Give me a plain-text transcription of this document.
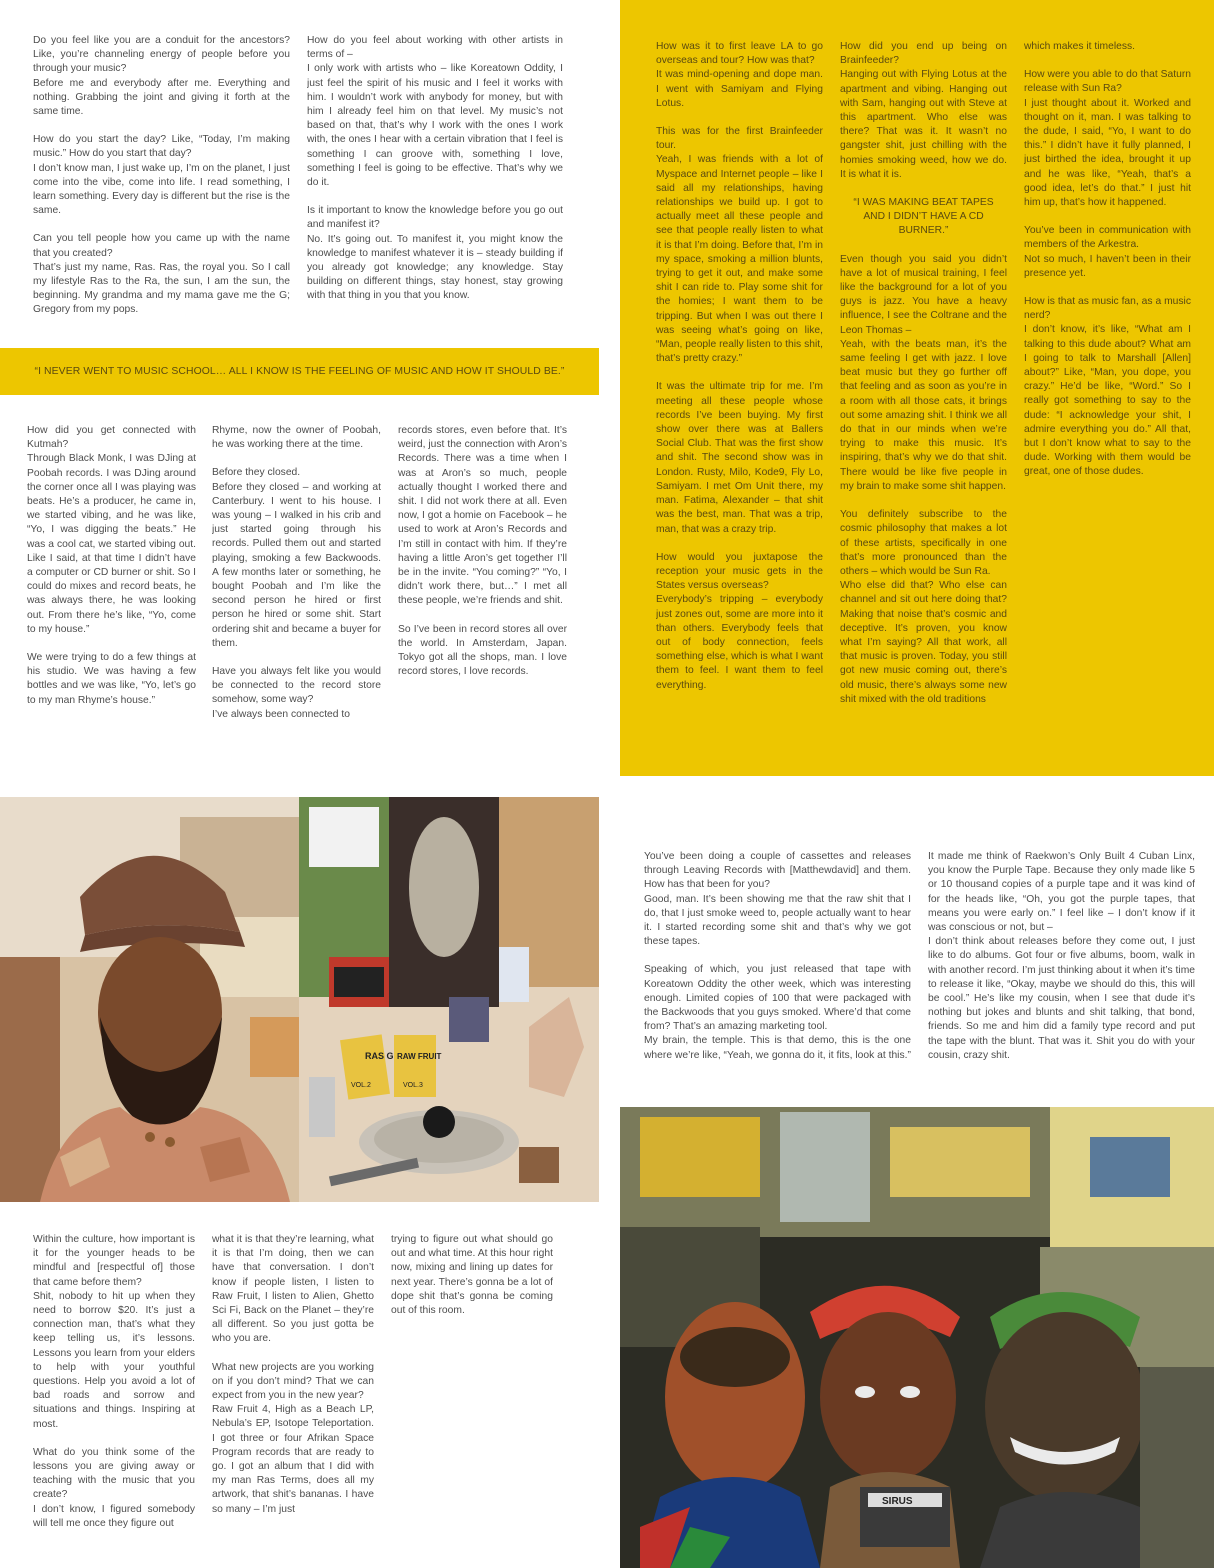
Do you feel like you are a conduit for the ancestors? Like, you’re channeling energy of people before you through your music?
Before me and everybody after me. Everything and nothing. Grabbing the joint and giving it forth at the same time.

How do you start the day? Like, “Today, I’m making music.” How do you start that day?
I don’t know man, I just wake up, I’m on the planet, I just come into the vibe, come into life. I read something, I learn something. Every day is different but the rise is the same.

Can you tell people how you came up with the name that you created?
That’s just my name, Ras. Ras, the royal you. So I call my lifestyle Ras to the Ra, the sun, I am the sun, the beginning. My grandma and my mama gave me the G; Gregory from my pops.

How do you feel about working with other artists in terms of –
I only work with artists who – like Koreatown Oddity, I just feel the spirit of his music and I feel it works with him. I wouldn’t work with anybody for money, but with him I already feel him on that level. My music’s not based on that, that’s why I work with the ones I work with, the ones I hear with a certain vibration that I feel is something I can groove with, something I love, something I feel is going to be effective. That’s why we do it.

Is it important to know the knowledge before you go out and manifest it?
No. It’s going out. To manifest it, you might know the knowledge to manifest whatever it is – steady building if you already got knowledge; any knowledge. Stay building on different things, stay honest, stay growing with that thing in you that you know.

“I NEVER WENT TO MUSIC SCHOOL… ALL I KNOW IS THE FEELING OF MUSIC AND HOW IT SHOULD BE.”

How did you get connected with Kutmah?
Through Black Monk, I was DJing at Poobah records. I was DJing around the corner once all I was playing was beats. He’s a producer, he came in, we started vibing, and he was like, “Yo, I was digging the beats.” He was a cool cat, we started vibing out. Like I said, at that time I didn’t have a computer or CD burner or shit. So I could do mixes and record beats, he was always there, he was looking out. From there he’s like, “Yo, come to my house.”

We were trying to do a few things at his studio. We was having a few bottles and we was like, “Yo, let’s go to my man Rhyme’s house.”

Rhyme, now the owner of Poobah, he was working there at the time.

Before they closed.
Before they closed – and working at Canterbury. I went to his house. I was young – I walked in his crib and just started going through his records. Pulled them out and started playing, smoking a few Backwoods. A few months later or something, he bought Poobah and I’m like the second person he hired or first person he hired or some shit. Start ordering shit and became a buyer for them.

Have you always felt like you would be connected to the record store somehow, some way?
I’ve always been connected to

records stores, even before that. It’s weird, just the connection with Aron’s Records. There was a time when I was at Aron’s so much, people actually thought I worked there and shit. I did not work there at all. Even now, I got a homie on Facebook – he used to work at Aron’s Records and I’m still in contact with him. If they’re having a little Aron’s get together I’ll be in the invite. “You coming?” “Yo, I didn’t work there, but…” I met all these people, we’re friends and shit.

So I’ve been in record stores all over the world. In Amsterdam, Japan. Tokyo got all the shops, man. I love record stores, I love records.

How was it to first leave LA to go overseas and tour? How was that?
It was mind-opening and dope man. I went with Samiyam and Flying Lotus.

This was for the first Brainfeeder tour.
Yeah, I was friends with a lot of Myspace and Internet people – like I said all my relationships, having relationships we build up. I got to actually meet all these people and see that people really listen to what it is that I’m doing. Before that, I’m in my space, smoking a million blunts, trying to get it out, and make some shit I can ride to. Play some shit for the homies; I want them to be tripping. But when I was out there I was seeing what’s going on like, “Man, people really listen to this shit, that’s pretty crazy.”

It was the ultimate trip for me. I’m meeting all these people whose records I’ve been buying. My first show over there was at Ballers Social Club. That was the first show and shit. The second show was in London. Rusty, Milo, Kode9, Fly Lo, Samiyam. I met Om Unit there, my man. Fatima, Alexander – that shit was the best, man. That was a trip, man, that was a crazy trip.

How would you juxtapose the reception your music gets in the States versus overseas?
Everybody’s tripping – everybody just zones out, some are more into it than others. Everybody feels that out of body connection, feels something else, which is what I want them to feel. I want them to feel everything.

How did you end up being on Brainfeeder?
Hanging out with Flying Lotus at the apartment and vibing. Hanging out with Sam, hanging out with Steve at this apartment. Who else was there? That was it. It wasn’t no gangster shit, just chilling with the homies smoking weed, how we do. It is what it is.

“I WAS MAKING BEAT TAPES AND I DIDN’T HAVE A CD BURNER.”

Even though you said you didn’t have a lot of musical training, I feel like the background for a lot of you guys is jazz. You have a heavy influence, I see the Coltrane and the Leon Thomas –
Yeah, with the beats man, it’s the same feeling I get with jazz. I love beat music but they go further off that feeling and as soon as you’re in a room with all those cats, it brings out some amazing shit. I think we all do that in our minds when we’re trying to make this music. It’s inspiring, that’s why we do that shit. There would be like five people in my brain to make some shit happen.

You definitely subscribe to the cosmic philosophy that makes a lot of these artists, specifically in one that’s more pronounced than the others – which would be Sun Ra.
Who else did that? Who else can channel and sit out here doing that? Making that noise that’s cosmic and deceptive. It’s proven, you know what I’m saying? All that work, all that music is proven. Today, you still got new music coming out, there’s old music, there’s always some new shit mixed with the old traditions

which makes it timeless.

How were you able to do that Saturn release with Sun Ra?
I just thought about it. Worked and thought on it, man. I was talking to the dude, I said, “Yo, I want to do this.” I didn’t have it fully planned, I just birthed the idea, brought it up and he was like, “Yeah, that’s a good idea, let’s do that.” I just hit him up, that’s how it happened.

You’ve been in communication with members of the Arkestra.
Not so much, I haven’t been in their presence yet.

How is that as music fan, as a music nerd?
I don’t know, it’s like, “What am I talking to this dude about? What am I going to talk to Marshall [Allen] about?” Like, “Man, you dope, you crazy.” He’d be like, “Word.” So I really got something to say to the dude: “I acknowledge your shit, I admire everything you do.” All that, but I don’t know what to say to the dude. Working with them would be great, one of those dudes.

RAS G RAW FRUIT
VOL.2	VOL.3

You’ve been doing a couple of cassettes and releases through Leaving Records with [Matthewdavid] and them. How has that been for you?
Good, man. It’s been showing me that the raw shit that I do, that I just smoke weed to, people actually want to hear it. I started recording some shit and that’s why we got these tapes.

Speaking of which, you just released that tape with Koreatown Oddity the other week, which was interesting enough. Limited copies of 100 that were packaged with the Backwoods that you guys smoked. Where’d that come from? That’s an amazing marketing tool.
My brain, the temple. This is that demo, this is the one where we’re like, “Yeah, we gonna do it, it fits, look at this.”

It made me think of Raekwon’s Only Built 4 Cuban Linx, you know the Purple Tape. Because they only made like 5 or 10 thousand copies of a purple tape and it was kind of for the heads like, “Oh, you got the purple tapes, that means you were early on.” I feel like – I don’t know if it was conscious or not, but –
I don’t think about releases before they come out, I just like to do albums. Got four or five albums, boom, walk in with another record. I’m just thinking about it when it’s time to release it like, “Okay, maybe we should do this, this will be cool.” He’s like my cousin, when I see that dude it’s nothing but jokes and blunts and shit talking, that bond, friends. So me and him did a family type record and put the tape with the blunt. That was it. Shit you do with your cousin, crazy shit.

SIRUS

Within the culture, how important is it for the younger heads to be mindful and [respectful of] those that came before them?
Shit, nobody to hit up when they need to borrow $20. It’s just a connection man, that’s what they keep telling us, it’s lessons. Lessons you learn from your elders to help with your youthful questions. Help you avoid a lot of bad roads and sorrow and situations and things. Inspiring at most.

What do you think some of the lessons you are giving away or teaching with the music that you create?
I don’t know, I figured somebody will tell me once they figure out

what it is that they’re learning, what it is that I’m doing, then we can have that conversation. I don’t know if people listen, I listen to Raw Fruit, I listen to Alien, Ghetto Sci Fi, Back on the Planet – they’re all different. So you just gotta be who you are.

What new projects are you working on if you don’t mind? That we can expect from you in the new year?
Raw Fruit 4, High as a Beach LP, Nebula’s EP, Isotope Teleportation. I got three or four Afrikan Space Program records that are ready to go. I got an album that I did with my man Ras Terms, does all my artwork, that shit’s bananas. I have so many – I’m just

trying to figure out what should go out and what time. At this hour right now, mixing and lining up dates for next year. There’s gonna be a lot of dope shit that’s gonna be coming out of this room.
